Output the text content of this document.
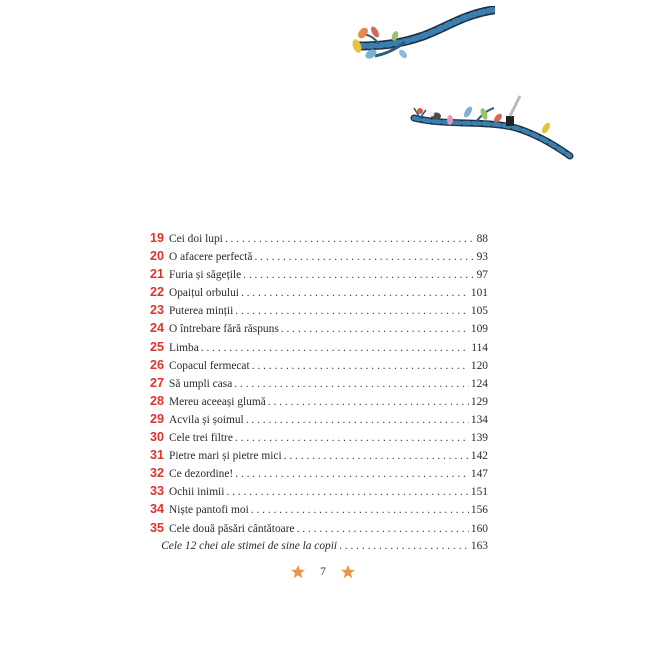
19 Cei doi lupi . . .	88
20 O afacere perfectă . . .	93
21 Furia și săgețile . . .	97
22 Opaițul orbului . . .	101
23 Puterea minții . . .	105
24 O întrebare fără răspuns . . .	109
25 Limba . . .	114
26 Copacul fermecat . . .	120
27 Să umpli casa . . .	124
28 Mereu aceeași glumă . . .	129
29 Acvila și șoimul . . .	134
30 Cele trei filtre . . .	139
31 Pietre mari și pietre mici . . .	142
32 Ce dezordine! . . .	147
33 Ochii inimii . . .	151
34 Niște pantofi moi . . .	156
35 Cele două păsări cântătoare . . .	160
Cele 12 chei ale stimei de sine la copii . . .	163
7
